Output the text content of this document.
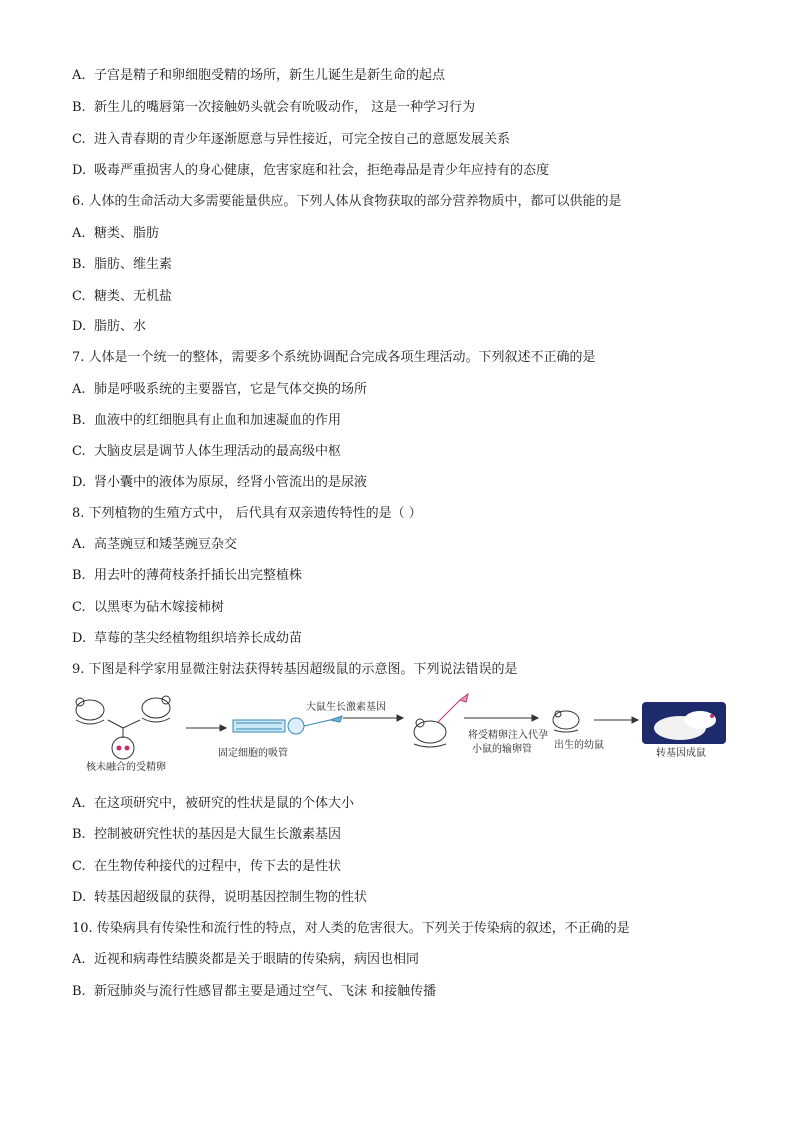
A. 子宫是精子和卵细胞受精的场所，新生儿诞生是新生命的起点
B. 新生儿的嘴唇第一次接触奶头就会有吮吸动作， 这是一种学习行为
C. 进入青春期的青少年逐渐愿意与异性接近，可完全按自己的意愿发展关系
D. 吸毒严重损害人的身心健康，危害家庭和社会，拒绝毒品是青少年应持有的态度
6. 人体的生命活动大多需要能量供应。下列人体从食物获取的部分营养物质中，都可以供能的是
A. 糖类、脂肪
B. 脂肪、维生素
C. 糖类、无机盐
D. 脂肪、水
7. 人体是一个统一的整体，需要多个系统协调配合完成各项生理活动。下列叙述不正确的是
A. 肺是呼吸系统的主要器官，它是气体交换的场所
B. 血液中的红细胞具有止血和加速凝血的作用
C. 大脑皮层是调节人体生理活动的最高级中枢
D. 肾小囊中的液体为原尿，经肾小管流出的是尿液
8. 下列植物的生殖方式中， 后代具有双亲遗传特性的是（ ）
A. 高茎豌豆和矮茎豌豆杂交
B. 用去叶的薄荷枝条扦插长出完整植株
C. 以黑枣为砧木嫁接柿树
D. 草莓的茎尖经植物组织培养长成幼苗
9. 下图是科学家用显微注射法获得转基因超级鼠的示意图。下列说法错误的是
核未融合的受精卵
固定细胞的吸管
大鼠生长激素基因
将受精卵注入代孕
小鼠的输卵管 出生的幼鼠
转基因成鼠
A. 在这项研究中，被研究的性状是鼠的个体大小
B. 控制被研究性状的基因是大鼠生长激素基因
C. 在生物传种接代的过程中，传下去的是性状
D. 转基因超级鼠的获得，说明基因控制生物的性状
10. 传染病具有传染性和流行性的特点，对人类的危害很大。下列关于传染病的叙述，不正确的是
A. 近视和病毒性结膜炎都是关于眼睛的传染病，病因也相同
B. 新冠肺炎与流行性感冒都主要是通过空气、飞沫 和接触传播
